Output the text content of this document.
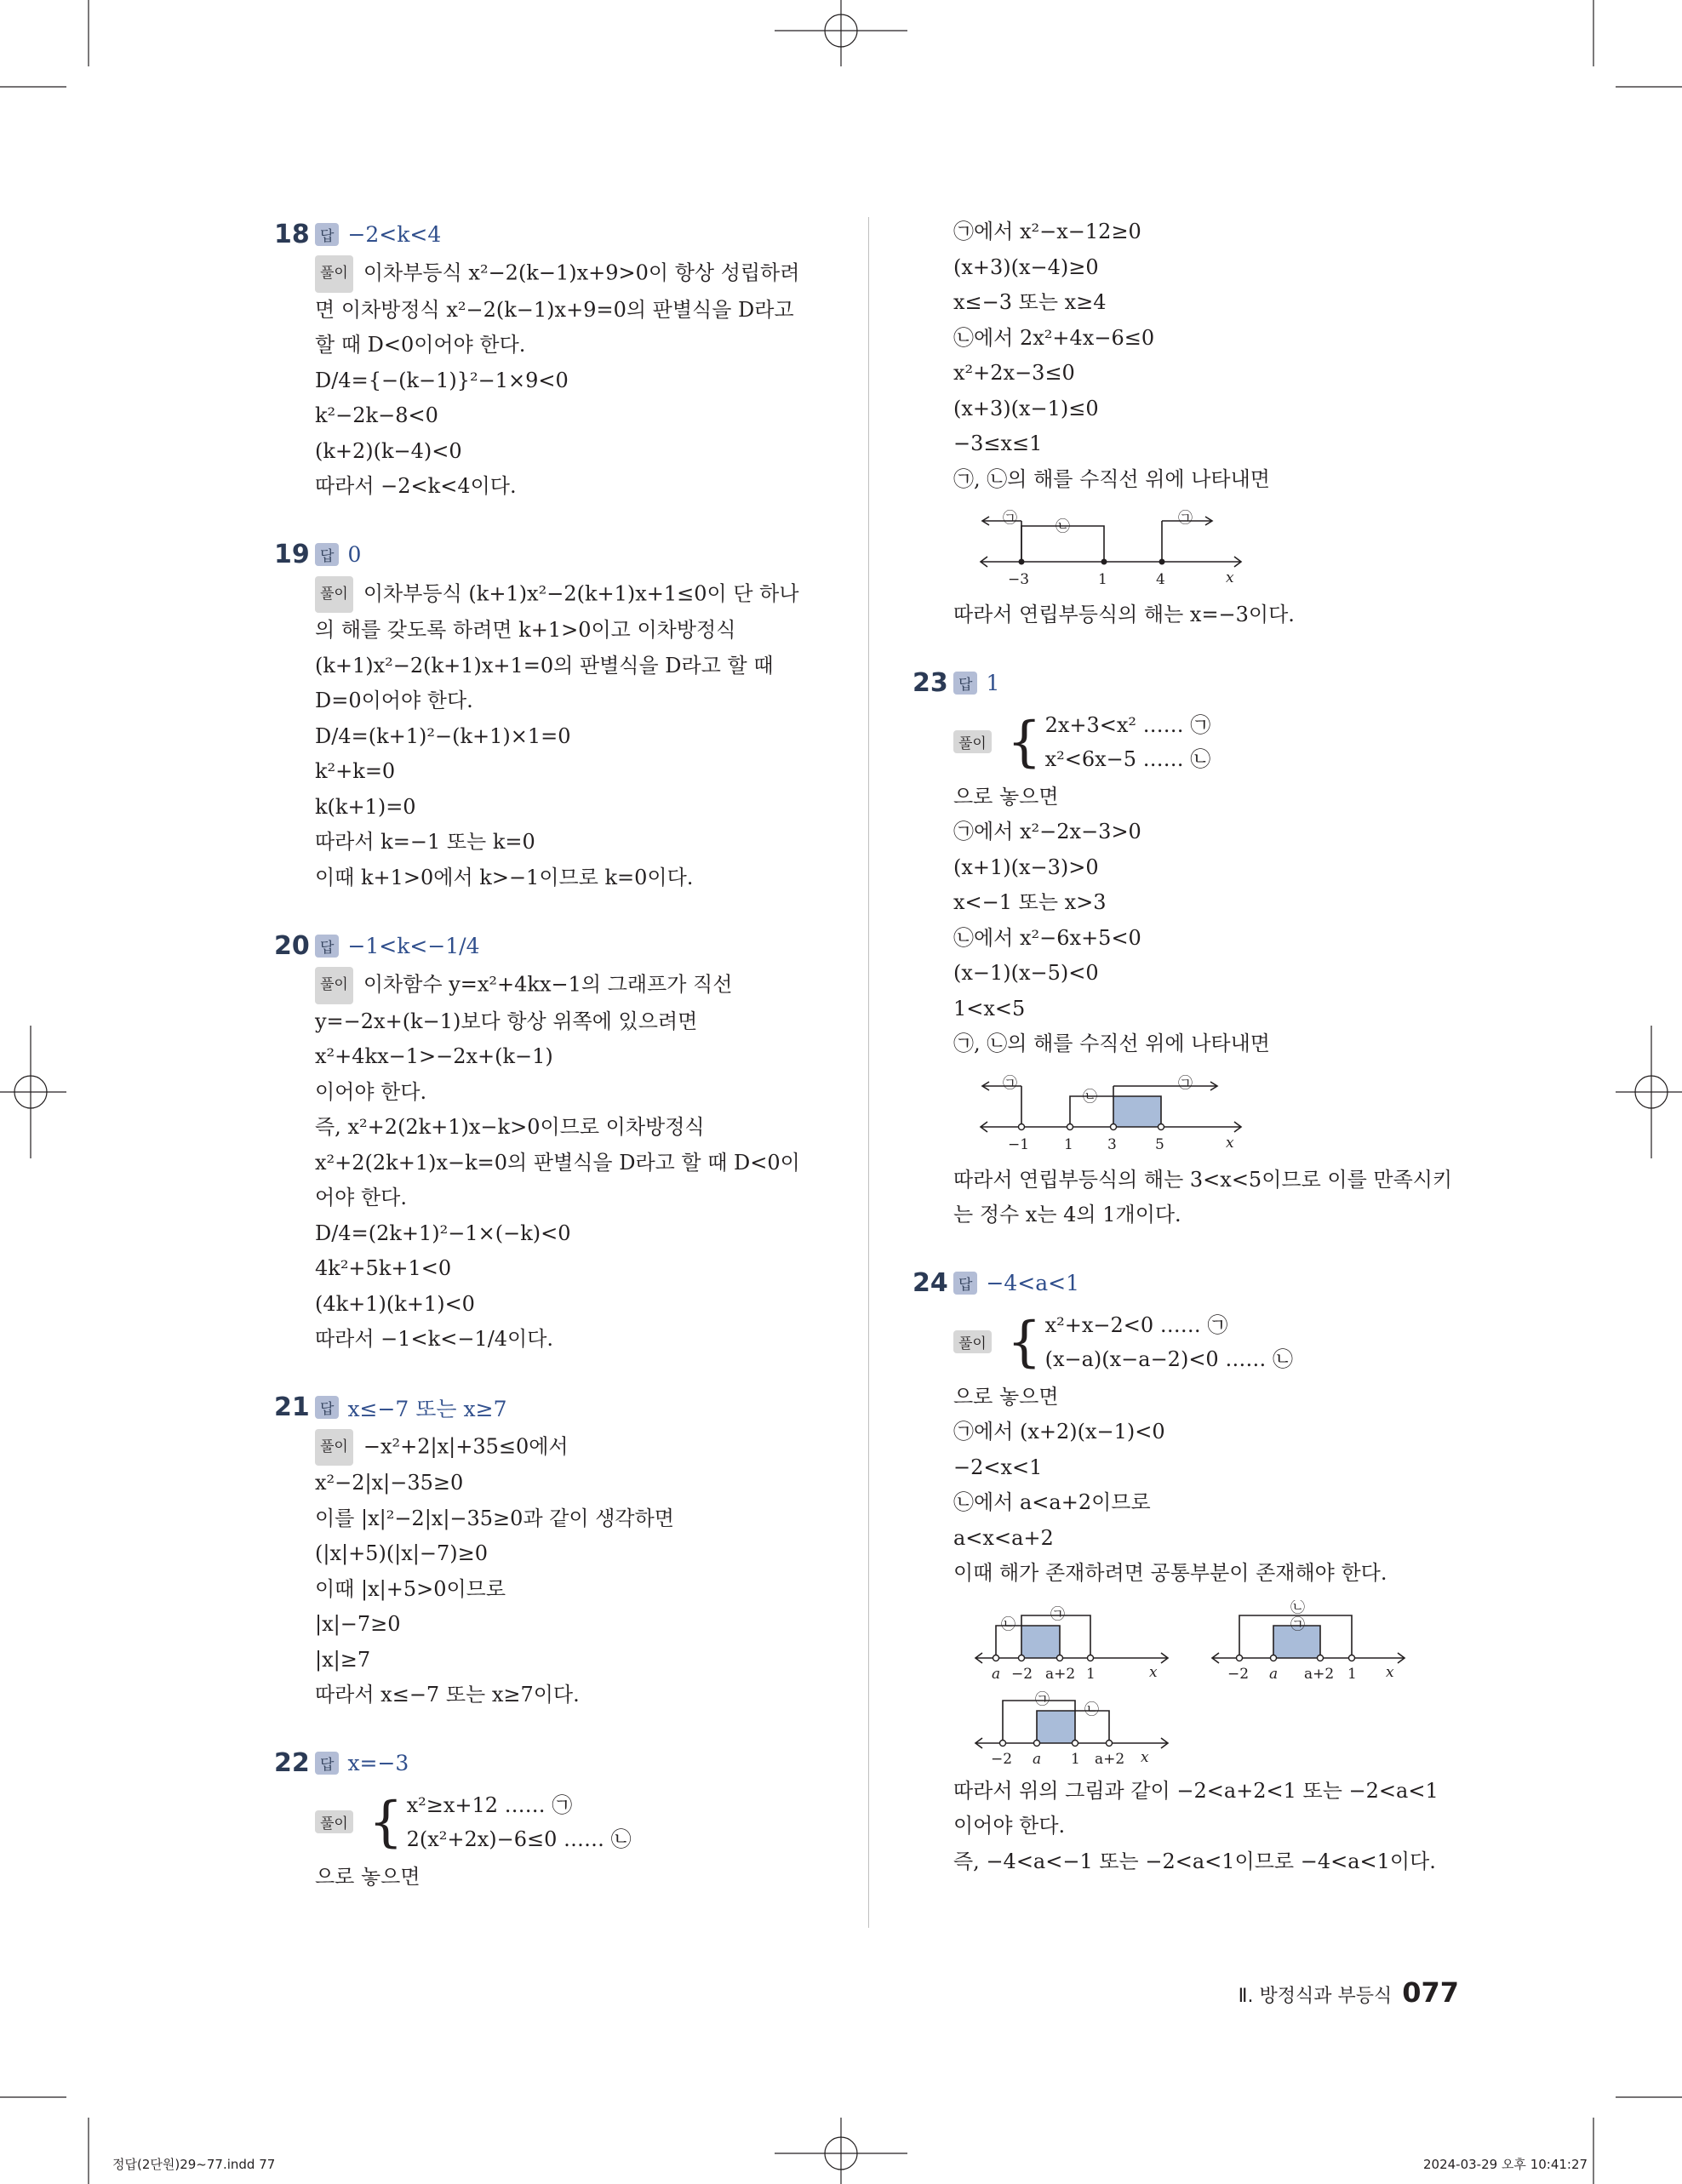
18 답 −2<k<4
풀이 이차부등식 x²−2(k−1)x+9>0이 항상 성립하려
면 이차방정식 x²−2(k−1)x+9=0의 판별식을 D라고
할 때 D<0이어야 한다.
D/4={−(k−1)}²−1×9<0
k²−2k−8<0
(k+2)(k−4)<0
따라서 −2<k<4이다.
19 답 0
풀이 이차부등식 (k+1)x²−2(k+1)x+1≤0이 단 하나
의 해를 갖도록 하려면 k+1>0이고 이차방정식
(k+1)x²−2(k+1)x+1=0의 판별식을 D라고 할 때
D=0이어야 한다.
D/4=(k+1)²−(k+1)×1=0
k²+k=0
k(k+1)=0
따라서 k=−1 또는 k=0
이때 k+1>0에서 k>−1이므로 k=0이다.
20 답 −1<k<−1/4
풀이 이차함수 y=x²+4kx−1의 그래프가 직선
y=−2x+(k−1)보다 항상 위쪽에 있으려면
x²+4kx−1>−2x+(k−1)
이어야 한다.
즉, x²+2(2k+1)x−k>0이므로 이차방정식
x²+2(2k+1)x−k=0의 판별식을 D라고 할 때 D<0이
어야 한다.
D/4=(2k+1)²−1×(−k)<0
4k²+5k+1<0
(4k+1)(k+1)<0
따라서 −1<k<−1/4이다.
21 답 x≤−7 또는 x≥7
풀이 −x²+2|x|+35≤0에서
x²−2|x|−35≥0
이를 |x|²−2|x|−35≥0과 같이 생각하면
(|x|+5)(|x|−7)≥0
이때 |x|+5>0이므로
|x|−7≥0
|x|≥7
따라서 x≤−7 또는 x≥7이다.
22 답 x=−3
풀이 { x²≥x+12 …… ㉠
2(x²+2x)−6≤0 …… ㉡
으로 놓으면
㉠에서 x²−x−12≥0
(x+3)(x−4)≥0
x≤−3 또는 x≥4
㉡에서 2x²+4x−6≤0
x²+2x−3≤0
(x+3)(x−1)≤0
−3≤x≤1
㉠, ㉡의 해를 수직선 위에 나타내면
㉠	㉡	㉠
−3	1	4	x
따라서 연립부등식의 해는 x=−3이다.
23 답 1
풀이 { 2x+3<x² …… ㉠
x²<6x−5 …… ㉡
으로 놓으면
㉠에서 x²−2x−3>0
(x+1)(x−3)>0
x<−1 또는 x>3
㉡에서 x²−6x+5<0
(x−1)(x−5)<0
1<x<5
㉠, ㉡의 해를 수직선 위에 나타내면
㉠
㉡
㉠
−1 1 3	5	x
따라서 연립부등식의 해는 3<x<5이므로 이를 만족시키
는 정수 x는 4의 1개이다.
24 답 −4<a<1
풀이 { x²+x−2<0 …… ㉠
(x−a)(x−a−2)<0 …… ㉡
으로 놓으면
㉠에서 (x+2)(x−1)<0
−2<x<1
㉡에서 a<a+2이므로
a<x<a+2
이때 해가 존재하려면 공통부분이 존재해야 한다.
㉡
㉠
a −2 a+2 1	x
㉡
㉠
−2 a a+2 1 x
㉠
㉡
−2 a 1 a+2 x
따라서 위의 그림과 같이 −2<a+2<1 또는 −2<a<1
이어야 한다.
즉, −4<a<−1 또는 −2<a<1이므로 −4<a<1이다.
Ⅱ. 방정식과 부등식 077
정답(2단원)29~77.indd 77	2024-03-29 오후 10:41:27
